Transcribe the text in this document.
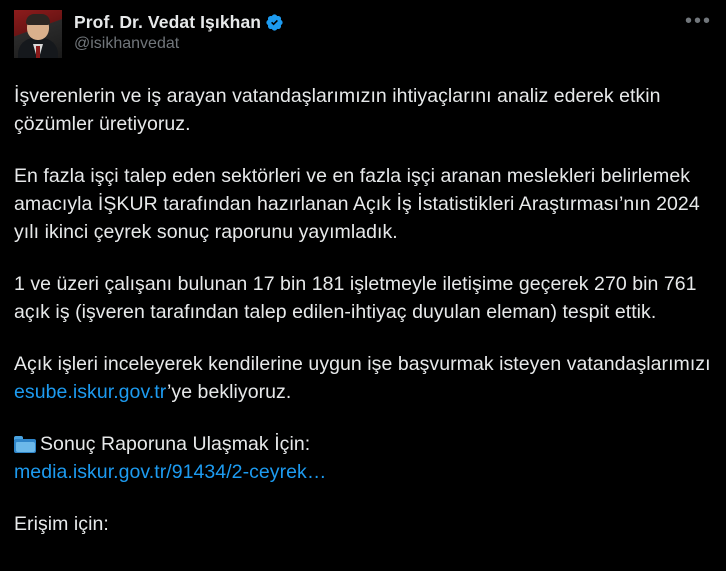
Prof. Dr. Vedat Işıkhan
@isikhanvedat
•••

İşverenlerin ve iş arayan vatandaşlarımızın ihtiyaçlarını analiz ederek etkin çözümler üretiyoruz.

En fazla işçi talep eden sektörleri ve en fazla işçi aranan meslekleri belirlemek amacıyla İŞKUR tarafından hazırlanan Açık İş İstatistikleri Araştırması’nın 2024 yılı ikinci çeyrek sonuç raporunu yayımladık.

1 ve üzeri çalışanı bulunan 17 bin 181 işletmeyle iletişime geçerek 270 bin 761 açık iş (işveren tarafından talep edilen-ihtiyaç duyulan eleman) tespit ettik.

Açık işleri inceleyerek kendilerine uygun işe başvurmak isteyen vatandaşlarımızı esube.iskur.gov.tr’ye bekliyoruz.

Sonuç Raporuna Ulaşmak İçin:
media.iskur.gov.tr/91434/2-ceyrek…

Erişim için:
